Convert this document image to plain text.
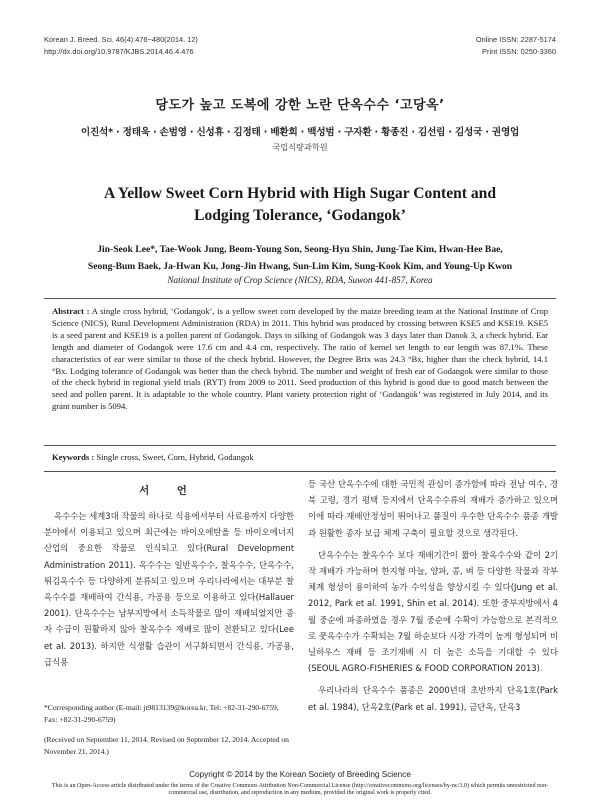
Korean J. Breed. Sci. 46(4):476~480(2014. 12)
http://dx.doi.org/10.9787/KJBS.2014.46.4.476
Online ISSN: 2287-5174
Print ISSN: 0250-3360
당도가 높고 도복에 강한 노란 단옥수수 ‘고당옥’
이진석* · 정태욱 · 손범영 · 신성휴 · 김정태 · 배환희 · 백성범 · 구자환 · 황종진 · 김선림 · 김성국 · 권영업
국립식량과학원
A Yellow Sweet Corn Hybrid with High Sugar Content and
Lodging Tolerance, ‘Godangok’
Jin-Seok Lee*, Tae-Wook Jung, Beom-Young Son, Seong-Hyu Shin, Jung-Tae Kim, Hwan-Hee Bae,
Seong-Bum Baek, Ja-Hwan Ku, Jong-Jin Hwang, Sun-Lim Kim, Sung-Kook Kim, and Young-Up Kwon
National Institute of Crop Science (NICS), RDA, Suwon 441-857, Korea
Abstract : A single cross hybrid, ‘Godangok’, is a yellow sweet corn developed by the maize breeding team at the National Institute of Crop Science (NICS), Rural Development Administration (RDA) in 2011. This hybrid was produced by crossing between KSE5 and KSE19. KSE5 is a seed parent and KSE19 is a pollen parent of Godangok. Days to silking of Godangok was 3 days later than Danok 3, a check hybrid. Ear length and diameter of Godangok were 17.6 cm and 4.4 cm, respectively. The ratio of kernel set length to ear length was 87.1%. These characteristics of ear were similar to those of the check hybrid. However, the Degree Brix was 24.3 °Bx, higher than the check hybrid, 14.1 °Bx. Lodging tolerance of Godangok was better than the check hybrid. The number and weight of fresh ear of Godangok were similar to those of the check hybrid in regional yield trials (RYT) from 2009 to 2011. Seed production of this hybrid is good due to good match between the seed and pollen parent. It is adaptable to the whole country. Plant variety protection right of ‘Godangok’ was registered in July 2014, and its grant number is 5094.
Keywords : Single cross, Sweet, Corn, Hybrid, Godangok
서 언

옥수수는 세계3대 작물의 하나로 식용에서부터 사료용까지 다양한 분야에서 이용되고 있으며 최근에는 바이오에탄올 등 바이오에너지 산업의 중요한 작물로 인식되고 있다(Rural Development Administration 2011). 옥수수는 일반옥수수, 찰옥수수, 단옥수수, 튀김옥수수 등 다양하게 분류되고 있으며 우리나라에서는 대부분 찰옥수수를 재배하여 간식용, 가공용 등으로 이용하고 있다(Hallauer 2001). 단옥수수는 남부지방에서 소득작물로 많이 재배되었지만 종자 수급이 원활하지 않아 찰옥수수 재배로 많이 전환되고 있다(Lee et al. 2013). 하지만 식생활 습관이 서구화되면서 간식용, 가공용, 급식용

등 국산 단옥수수에 대한 국민적 관심이 증가함에 따라 전남 여수, 경북 고령, 경기 평택 등지에서 단옥수수류의 재배가 증가하고 있으며 이에 따라 재배안정성이 뛰어나고 품질이 우수한 단옥수수 품종 개발과 원활한 종자 보급 체계 구축이 필요할 것으로 생각된다.

단옥수수는 찰옥수수 보다 재배기간이 짧아 찰옥수수와 같이 2기작 재배가 가능하며 한지형 마늘, 양파, 콩, 벼 등 다양한 작물과 작부체계 형성이 용이하여 농가 수익성을 향상시킬 수 있다(Jung et al. 2012, Park et al. 1991, Shin et al. 2014). 또한 중부지방에서 4월 중순에 파종하였을 경우 7월 중순에 수확이 가능함으로 본격적으로 풋옥수수가 수확되는 7월 하순보다 시장 가격이 높게 형성되며 비닐하우스 재배 등 조기재배 시 더 높은 소득을 기대할 수 있다(SEOUL AGRO-FISHERIES & FOOD CORPORATION 2013).

우리나라의 단옥수수 품종은 2000년대 초반까지 단옥1호(Park et al. 1984), 단옥2호(Park et al. 1991), 금단옥, 단옥3

*Corresponding author (E-mail: jt9813139@korea.kr, Tel: +82-31-290-6759, Fax: +82-31-290-6759)
(Received on September 11, 2014. Revised on September 12, 2014. Accepted on November 21, 2014.)
Copyright © 2014 by the Korean Society of Breeding Science
This is an Open-Access article distributed under the terms of the Creative Commons Attribution Non-Commercial License (http://creativecommons.org/licenses/by-nc/3.0) which permits unrestricted non-commercial use, distribution, and reproduction in any medium, provided the original work is properly cited.
